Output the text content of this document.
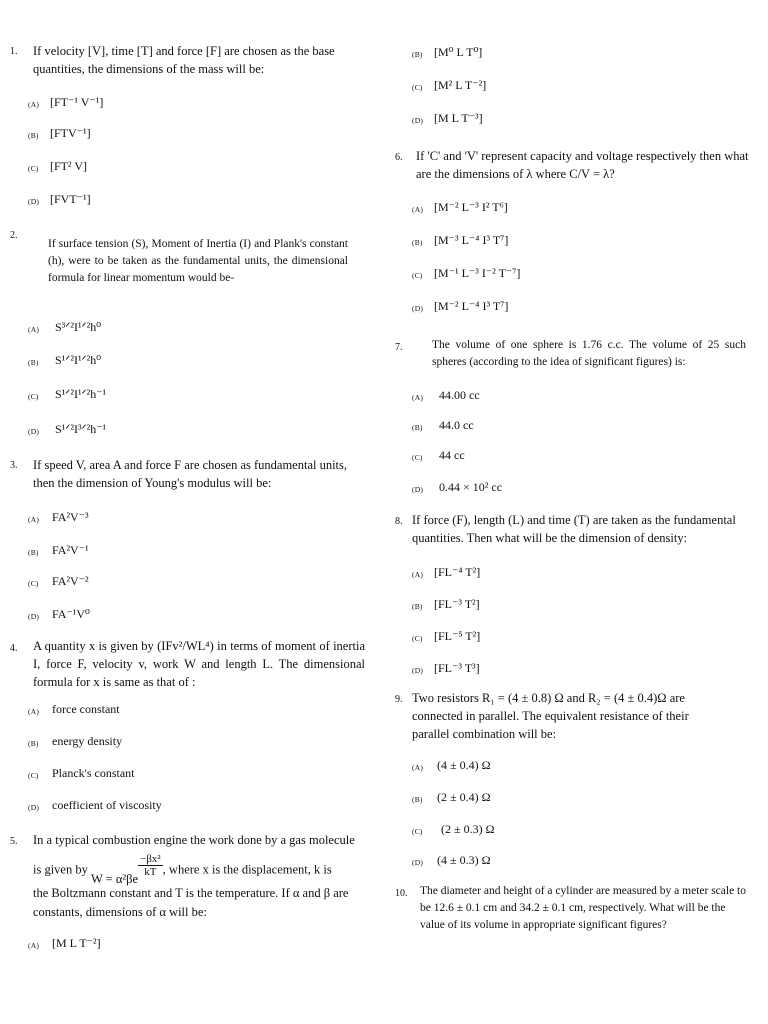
1. If velocity [V], time [T] and force [F] are chosen as the base quantities, the dimensions of the mass will be:
(A) [FT⁻¹ V⁻¹]
(B) [FTV⁻¹]
(C) [FT² V]
(D) [FVT⁻¹]
2.
If surface tension (S), Moment of Inertia (I) and Plank's constant (h), were to be taken as the fundamental units, the dimensional formula for linear momentum would be-
(A) S³ᐟ²I¹ᐟ²h⁰
(B) S¹ᐟ²I¹ᐟ²h⁰
(C) S¹ᐟ²I¹ᐟ²h⁻¹
(D) S¹ᐟ²I³ᐟ²h⁻¹
3. If speed V, area A and force F are chosen as fundamental units, then the dimension of Young's modulus will be:
(A) FA²V⁻³
(B) FA²V⁻¹
(C) FA²V⁻²
(D) FA⁻¹V⁰
4. A quantity x is given by (IFv²/WL⁴) in terms of moment of inertia I, force F, velocity v, work W and length L. The dimensional formula for x is same as that of :
(A) force constant
(B) energy density
(C) Planck's constant
(D) coefficient of viscosity
5. In a typical combustion engine the work done by a gas molecule
is given by W = α²βe
$\frac{\text{−βx²}}{kT}$ , where x is the displacement, k is
the Boltzmann constant and T is the temperature. If α and β are
constants, dimensions of α will be:
(A) [M L T⁻²]
(B) [M⁰ L T⁰]
(C) [M² L T⁻²]
(D) [M L T⁻³]
6. If 'C' and 'V' represent capacity and voltage respectively then what are the dimensions of λ where C/V = λ?
(A) [M⁻² L⁻³ I² T⁶]
(B) [M⁻³ L⁻⁴ I³ T⁷]
(C) [M⁻¹ L⁻³ I⁻² T⁻⁷]
(D) [M⁻² L⁻⁴ I³ T⁷]
7.	The volume of one sphere is 1.76 c.c. The volume of 25 such spheres (according to the idea of significant figures) is:
(A) 44.00 cc
(B) 44.0 cc
(C) 44 cc
(D) 0.44 × 10² cc
8. If force (F), length (L) and time (T) are taken as the fundamental quantities. Then what will be the dimension of density:
(A) [FL⁻⁴ T²]
(B) [FL⁻³ T²]
(C) [FL⁻⁵ T²]
(D) [FL⁻³ T³]
9. Two resistors R₁ = (4 ± 0.8) Ω and R₂ = (4 ± 0.4)Ω are connected in parallel. The equivalent resistance of their parallel combination will be:
(A) (4 ± 0.4) Ω
(B) (2 ± 0.4) Ω
(C) (2 ± 0.3) Ω
(D) (4 ± 0.3) Ω
10. The diameter and height of a cylinder are measured by a meter scale to be 12.6 ± 0.1 cm and 34.2 ± 0.1 cm, respectively. What will be the value of its volume in appropriate significant figures?
